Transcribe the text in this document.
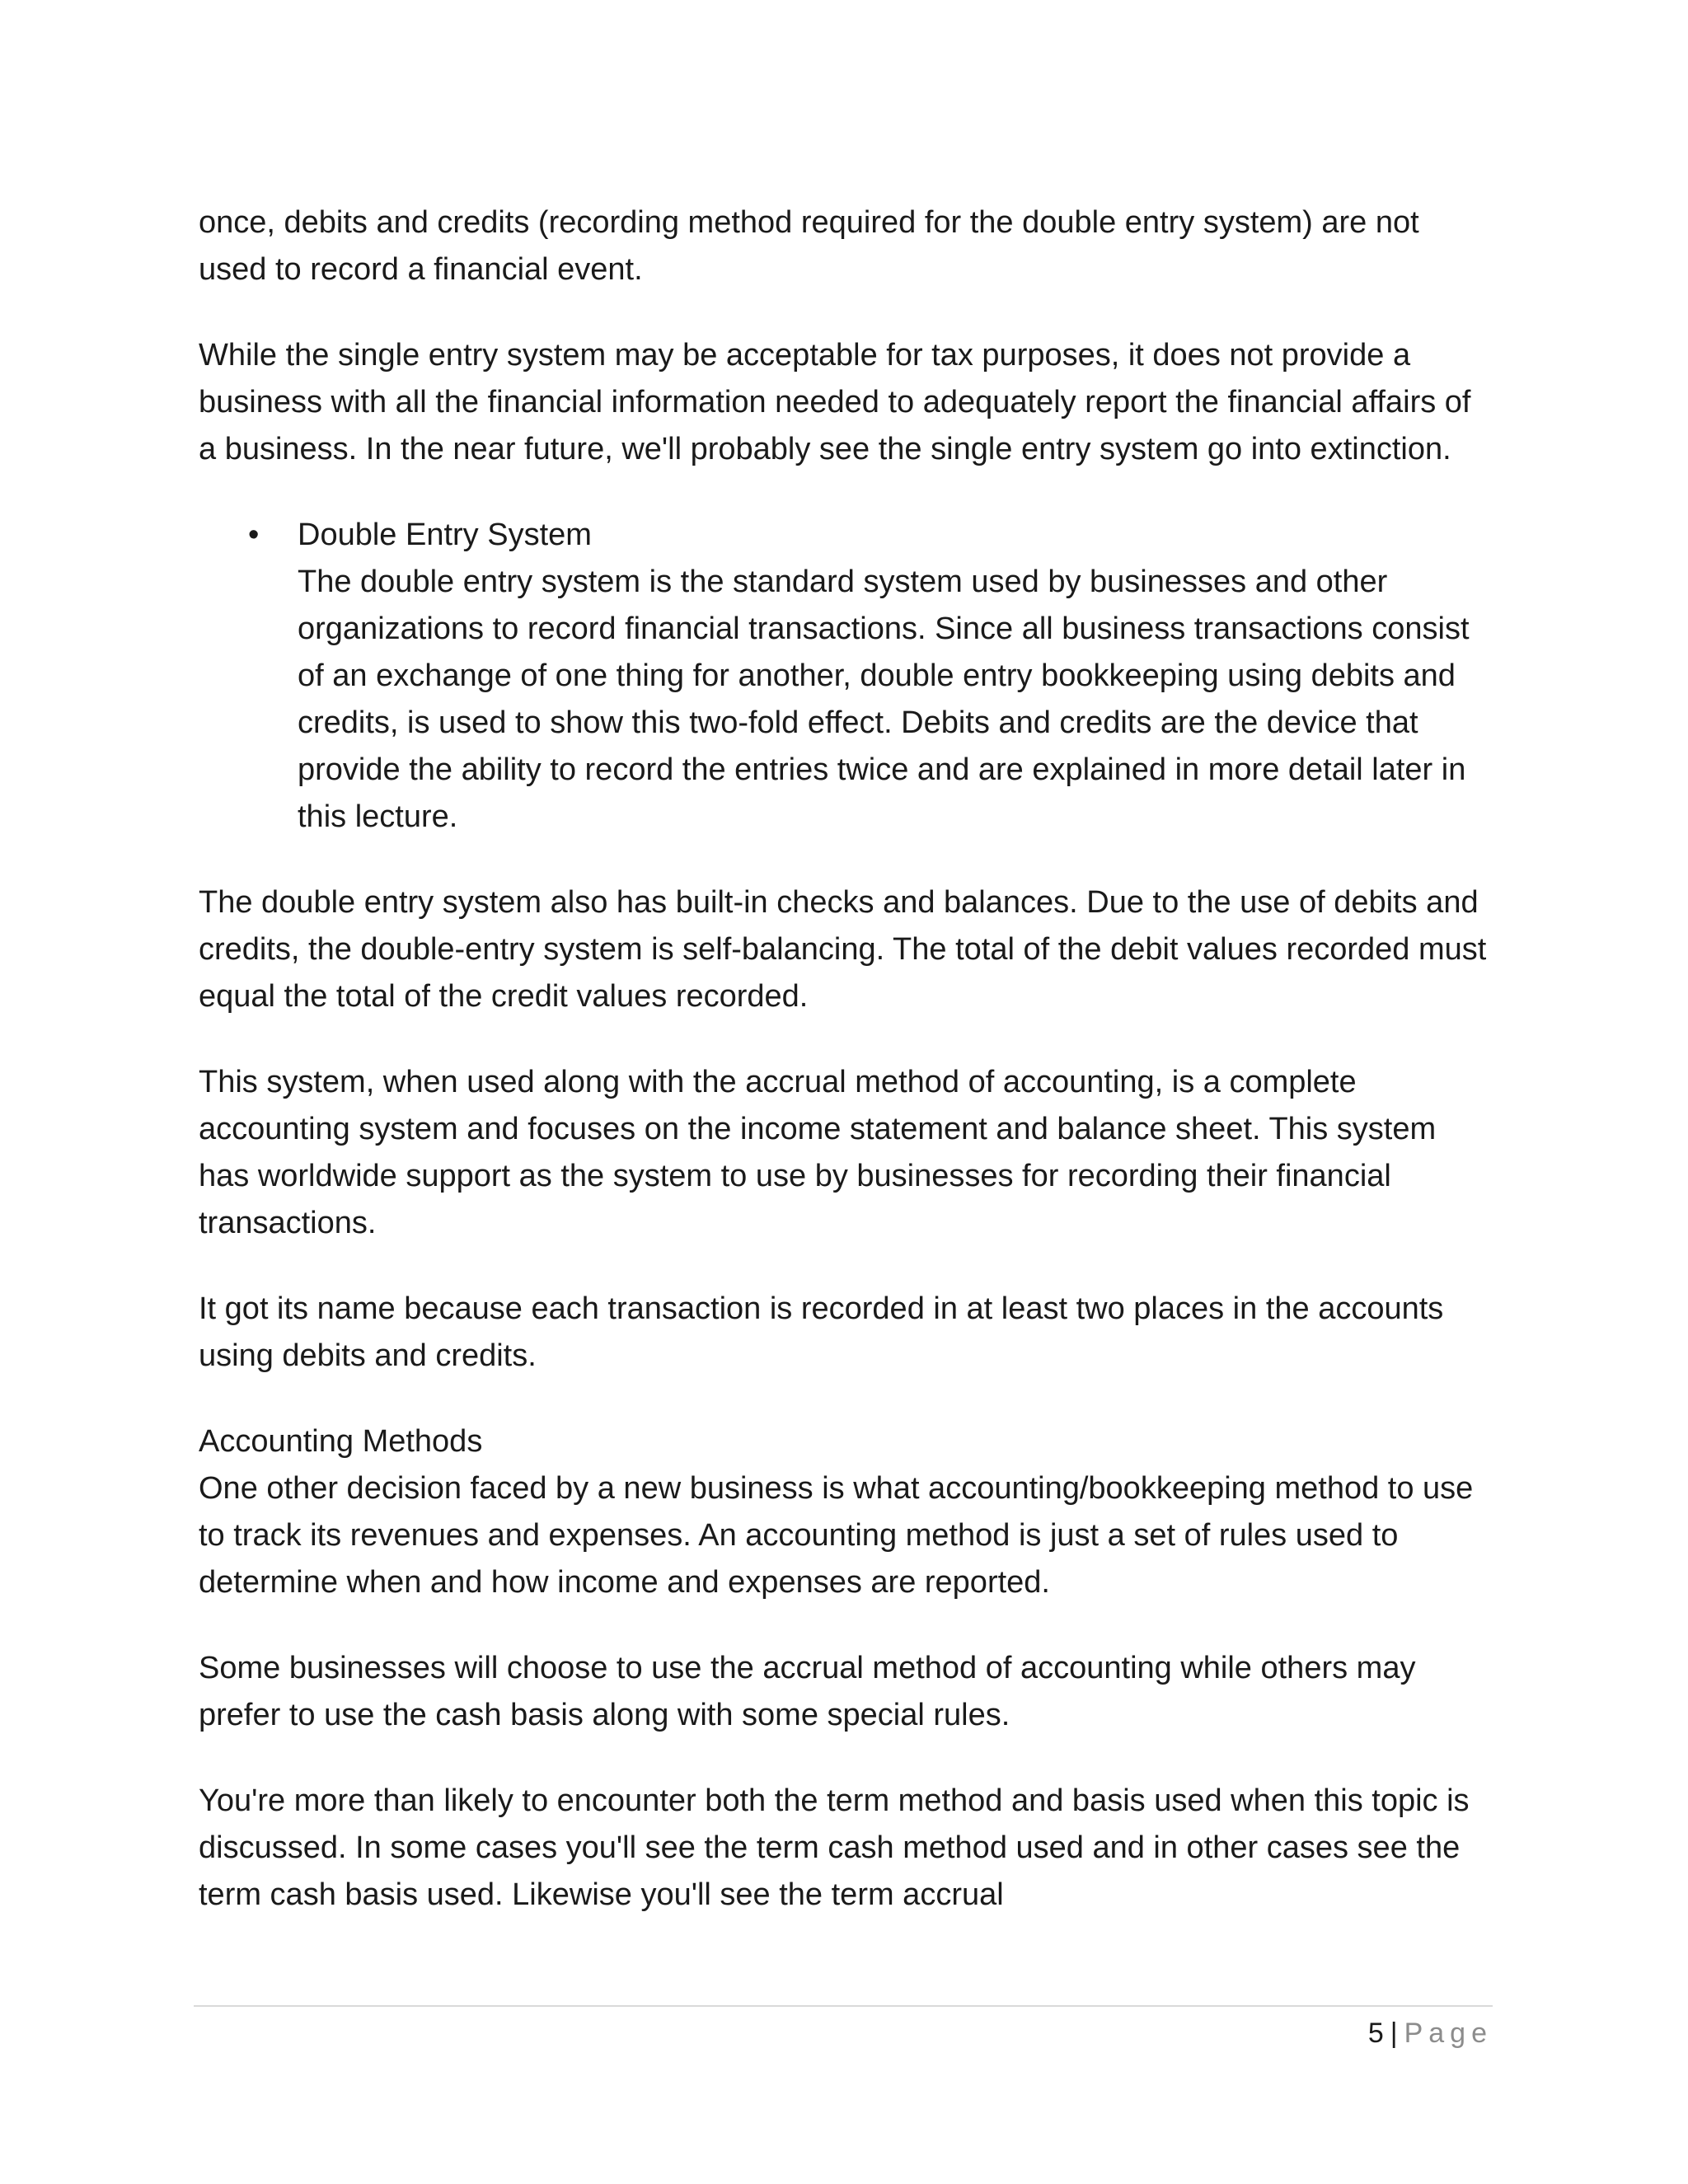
once, debits and credits (recording method required for the double entry system) are not used to record a financial event.

While the single entry system may be acceptable for tax purposes, it does not provide a business with all the financial information needed to adequately report the financial affairs of a business. In the near future, we'll probably see the single entry system go into extinction.

• Double Entry System
The double entry system is the standard system used by businesses and other organizations to record financial transactions. Since all business transactions consist of an exchange of one thing for another, double entry bookkeeping using debits and credits, is used to show this two-fold effect. Debits and credits are the device that provide the ability to record the entries twice and are explained in more detail later in this lecture.

The double entry system also has built-in checks and balances. Due to the use of debits and credits, the double-entry system is self-balancing. The total of the debit values recorded must equal the total of the credit values recorded.

This system, when used along with the accrual method of accounting, is a complete accounting system and focuses on the income statement and balance sheet. This system has worldwide support as the system to use by businesses for recording their financial transactions.

It got its name because each transaction is recorded in at least two places in the accounts using debits and credits.

Accounting Methods
One other decision faced by a new business is what accounting/bookkeeping method to use to track its revenues and expenses. An accounting method is just a set of rules used to determine when and how income and expenses are reported.

Some businesses will choose to use the accrual method of accounting while others may prefer to use the cash basis along with some special rules.

You're more than likely to encounter both the term method and basis used when this topic is discussed. In some cases you'll see the term cash method used and in other cases see the term cash basis used. Likewise you'll see the term accrual

5 | Page
